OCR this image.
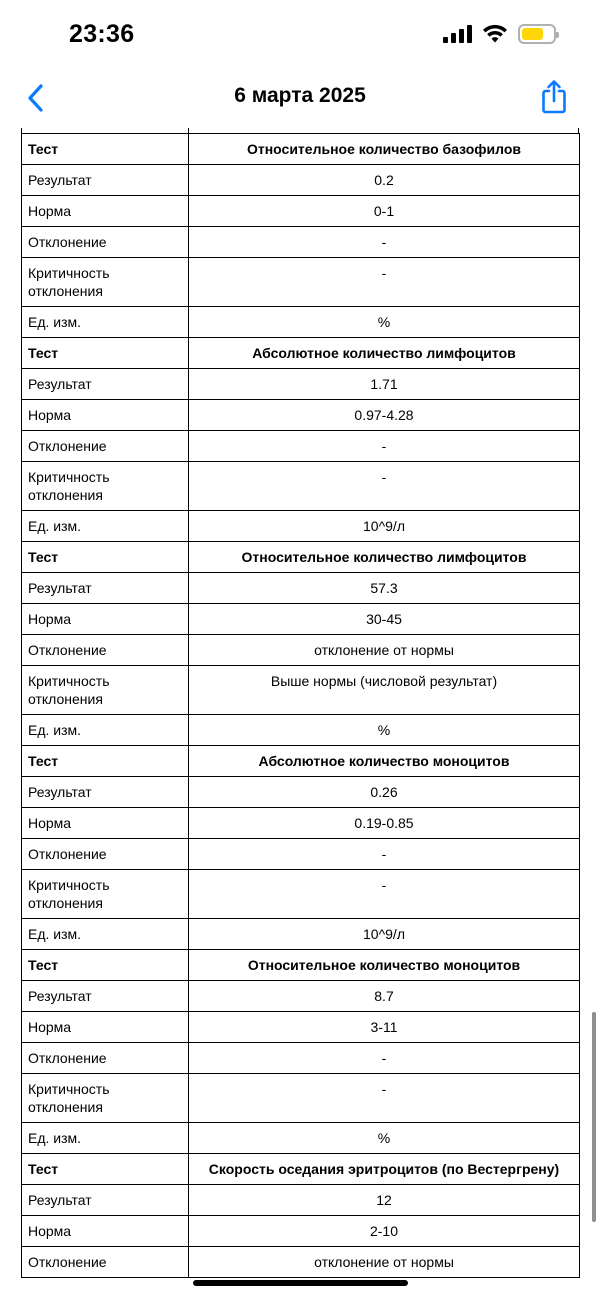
23:36
6 марта 2025
Тест	Относительное количество базофилов
Результат	0.2
Норма	0-1
Отклонение	-
Критичность отклонения	-
Ед. изм.	%
Тест	Абсолютное количество лимфоцитов
Результат	1.71
Норма	0.97-4.28
Отклонение	-
Критичность отклонения	-
Ед. изм.	10^9/л
Тест	Относительное количество лимфоцитов
Результат	57.3
Норма	30-45
Отклонение	отклонение от нормы
Критичность отклонения	Выше нормы (числовой результат)
Ед. изм.	%
Тест	Абсолютное количество моноцитов
Результат	0.26
Норма	0.19-0.85
Отклонение	-
Критичность отклонения	-
Ед. изм.	10^9/л
Тест	Относительное количество моноцитов
Результат	8.7
Норма	3-11
Отклонение	-
Критичность отклонения	-
Ед. изм.	%
Тест	Скорость оседания эритроцитов (по Вестергрену)
Результат	12
Норма	2-10
Отклонение	отклонение от нормы
